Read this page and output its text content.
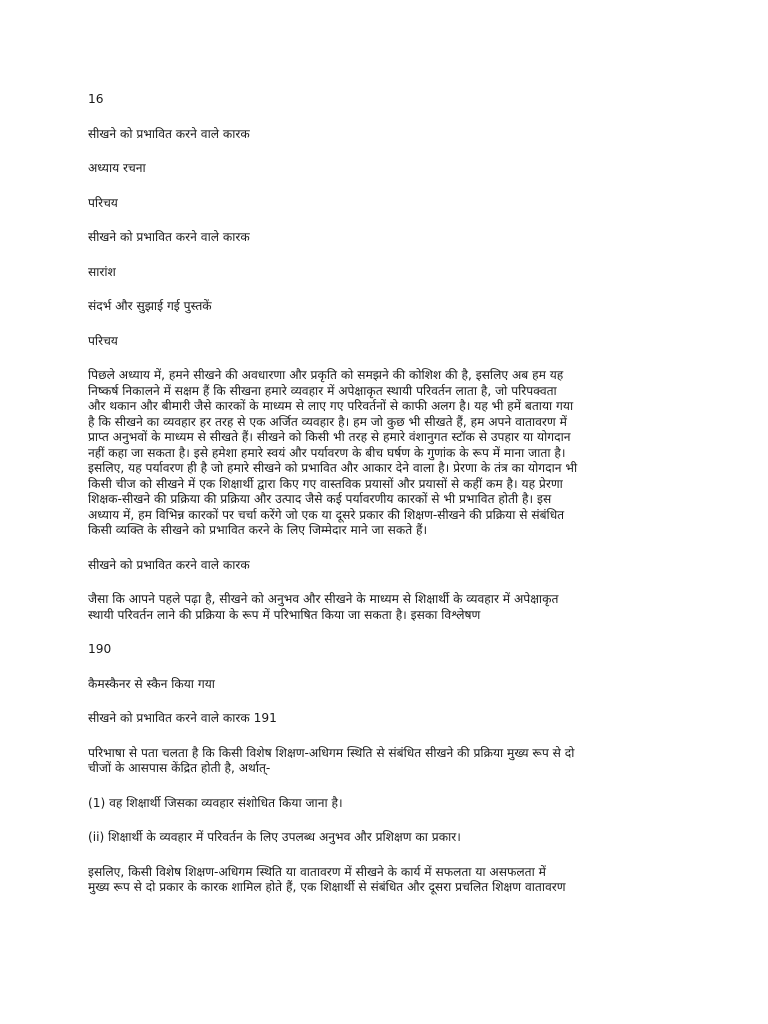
16

सीखने को प्रभावित करने वाले कारक

अध्याय रचना

परिचय

सीखने को प्रभावित करने वाले कारक

सारांश

संदर्भ और सुझाई गई पुस्तकें

परिचय

पिछले अध्याय में, हमने सीखने की अवधारणा और प्रकृति को समझने की कोशिश की है, इसलिए अब हम यह
निष्कर्ष निकालने में सक्षम हैं कि सीखना हमारे व्यवहार में अपेक्षाकृत स्थायी परिवर्तन लाता है, जो परिपक्वता
और थकान और बीमारी जैसे कारकों के माध्यम से लाए गए परिवर्तनों से काफी अलग है। यह भी हमें बताया गया
है कि सीखने का व्यवहार हर तरह से एक अर्जित व्यवहार है। हम जो कुछ भी सीखते हैं, हम अपने वातावरण में
प्राप्त अनुभवों के माध्यम से सीखते हैं। सीखने को किसी भी तरह से हमारे वंशानुगत स्टॉक से उपहार या योगदान
नहीं कहा जा सकता है। इसे हमेशा हमारे स्वयं और पर्यावरण के बीच घर्षण के गुणांक के रूप में माना जाता है।
इसलिए, यह पर्यावरण ही है जो हमारे सीखने को प्रभावित और आकार देने वाला है। प्रेरणा के तंत्र का योगदान भी
किसी चीज को सीखने में एक शिक्षार्थी द्वारा किए गए वास्तविक प्रयासों और प्रयासों से कहीं कम है। यह प्रेरणा
शिक्षक-सीखने की प्रक्रिया की प्रक्रिया और उत्पाद जैसे कई पर्यावरणीय कारकों से भी प्रभावित होती है। इस
अध्याय में, हम विभिन्न कारकों पर चर्चा करेंगे जो एक या दूसरे प्रकार की शिक्षण-सीखने की प्रक्रिया से संबंधित
किसी व्यक्ति के सीखने को प्रभावित करने के लिए जिम्मेदार माने जा सकते हैं।

सीखने को प्रभावित करने वाले कारक

जैसा कि आपने पहले पढ़ा है, सीखने को अनुभव और सीखने के माध्यम से शिक्षार्थी के व्यवहार में अपेक्षाकृत
स्थायी परिवर्तन लाने की प्रक्रिया के रूप में परिभाषित किया जा सकता है। इसका विश्लेषण

190

कैमस्कैनर से स्कैन किया गया

सीखने को प्रभावित करने वाले कारक 191

परिभाषा से पता चलता है कि किसी विशेष शिक्षण-अधिगम स्थिति से संबंधित सीखने की प्रक्रिया मुख्य रूप से दो
चीजों के आसपास केंद्रित होती है, अर्थात्-

(1) वह शिक्षार्थी जिसका व्यवहार संशोधित किया जाना है।

(ii) शिक्षार्थी के व्यवहार में परिवर्तन के लिए उपलब्ध अनुभव और प्रशिक्षण का प्रकार।

इसलिए, किसी विशेष शिक्षण-अधिगम स्थिति या वातावरण में सीखने के कार्य में सफलता या असफलता में
मुख्य रूप से दो प्रकार के कारक शामिल होते हैं, एक शिक्षार्थी से संबंधित और दूसरा प्रचलित शिक्षण वातावरण
